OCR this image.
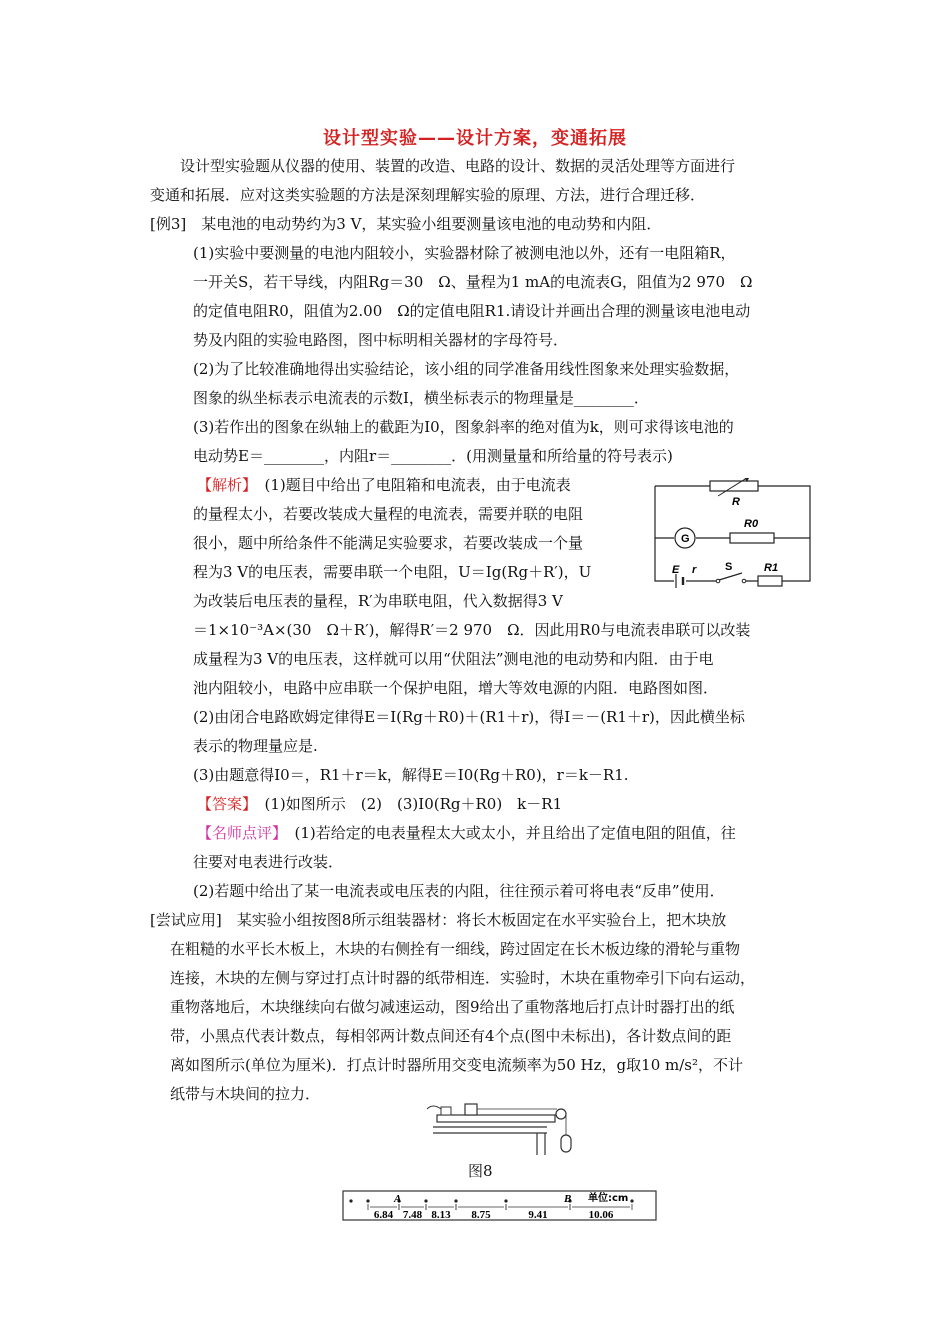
设计型实验——设计方案，变通拓展
设计型实验题从仪器的使用、装置的改造、电路的设计、数据的灵活处理等方面进行
变通和拓展．应对这类实验题的方法是深刻理解实验的原理、方法，进行合理迁移．
[例3]　 某电池的电动势约为3 V，某实验小组要测量该电池的电动势和内阻．
(1)实验中要测量的电池内阻较小，实验器材除了被测电池以外，还有一电阻箱R，
一开关S，若干导线，内阻Rg＝30　Ω、量程为1 mA的电流表G，阻值为2 970　Ω
的定值电阻R0，阻值为2.00　Ω的定值电阻R1.请设计并画出合理的测量该电池电动
势及内阻的实验电路图，图中标明相关器材的字母符号．
(2)为了比较准确地得出实验结论，该小组的同学准备用线性图象来处理实验数据，
图象的纵坐标表示电流表的示数I，横坐标表示的物理量是________．
(3)若作出的图象在纵轴上的截距为I0，图象斜率的绝对值为k，则可求得该电池的
电动势E＝________，内阻r＝________．(用测量量和所给量的符号表示)
【解析】　 (1)题目中给出了电阻箱和电流表，由于电流表
的量程太小，若要改装成大量程的电流表，需要并联的电阻
很小，题中所给条件不能满足实验要求，若要改装成一个量
程为3 V的电压表，需要串联一个电阻，U＝Ig(Rg＋R′)，U
为改装后电压表的量程，R′为串联电阻，代入数据得3 V
＝1×10⁻³A×(30　Ω＋R′)，解得R′＝2 970　Ω．因此用R0与电流表串联可以改装
成量程为3 V的电压表，这样就可以用“伏阻法”测电池的电动势和内阻．由于电
池内阻较小，电路中应串联一个保护电阻，增大等效电源的内阻．电路图如图．
(2)由闭合电路欧姆定律得E＝I(Rg＋R0)＋(R1＋r)，得I＝－(R1＋r)，因此横坐标
表示的物理量应是.
(3)由题意得I0＝，R1＋r＝k，解得E＝I0(Rg＋R0)，r＝k－R1.
【答案】　 (1)如图所示　(2)　(3)I0(Rg＋R0)　k－R1
【名师点评】　 (1)若给定的电表量程太大或太小，并且给出了定值电阻的阻值，往
往要对电表进行改装．
(2)若题中给出了某一电流表或电压表的内阻，往往预示着可将电表“反串”使用．
[尝试应用]　 某实验小组按图8所示组装器材：将长木板固定在水平实验台上，把木块放
在粗糙的水平长木板上，木块的右侧拴有一细线，跨过固定在长木板边缘的滑轮与重物
连接，木块的左侧与穿过打点计时器的纸带相连．实验时，木块在重物牵引下向右运动，
重物落地后，木块继续向右做匀减速运动，图9给出了重物落地后打点计时器打出的纸
带，小黑点代表计数点，每相邻两计数点间还有4个点(图中未标出)，各计数点间的距
离如图所示(单位为厘米)．打点计时器所用交变电流频率为50 Hz，g取10 m/s²，不计
纸带与木块间的拉力．
R
G
R0
E r	S	R1
图8
6.84 7.48 8.13 8.75	9.41	10.06
A	B 单位:cm
